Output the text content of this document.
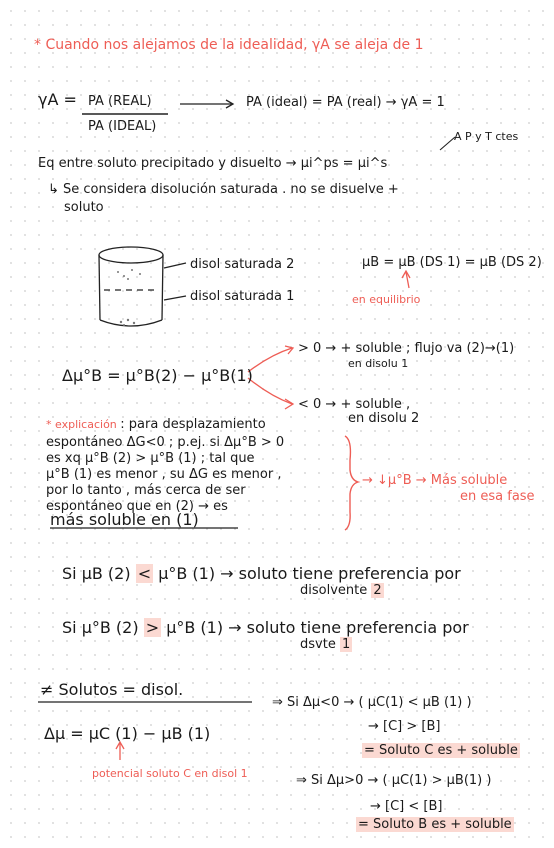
* Cuando nos alejamos de la idealidad, γA se aleja de 1
γA = PA (REAL)
PA (IDEAL)
PA (ideal) = PA (real) → γA = 1
A P y T ctes
Eq entre soluto precipitado y disuelto → μi^ps = μi^s
↳ Se considera disolución saturada . no se disuelve +
soluto
disol saturada 2
disol saturada 1
μB = μB (DS 1) = μB (DS 2)
en equilibrio
Δμ°B = μ°B(2) − μ°B(1)
> 0 → + soluble ; flujo va (2)→(1)
en disolu 1
< 0 → + soluble ,
en disolu 2
* explicación : para desplazamiento
espontáneo ΔG<0 ; p.ej. si Δμ°B > 0
es xq μ°B (2) > μ°B (1) ; tal que
μ°B (1) es menor , su ΔG es menor ,
por lo tanto , más cerca de ser
espontáneo que en (2) → es
más soluble en (1)
→ ↓μ°B → Más soluble
en esa fase
Si μB (2) < μ°B (1) → soluto tiene preferencia por
disolvente 2
Si μ°B (2) > μ°B (1) → soluto tiene preferencia por
dsvte 1
≠ Solutos = disol.
Δμ = μC (1) − μB (1)
potencial soluto C en disol 1
⇒ Si Δμ<0 → ( μC(1) < μB (1) )
→ [C] > [B]
= Soluto C es + soluble
⇒ Si Δμ>0 → ( μC(1) > μB(1) )
→ [C] < [B]
= Soluto B es + soluble
